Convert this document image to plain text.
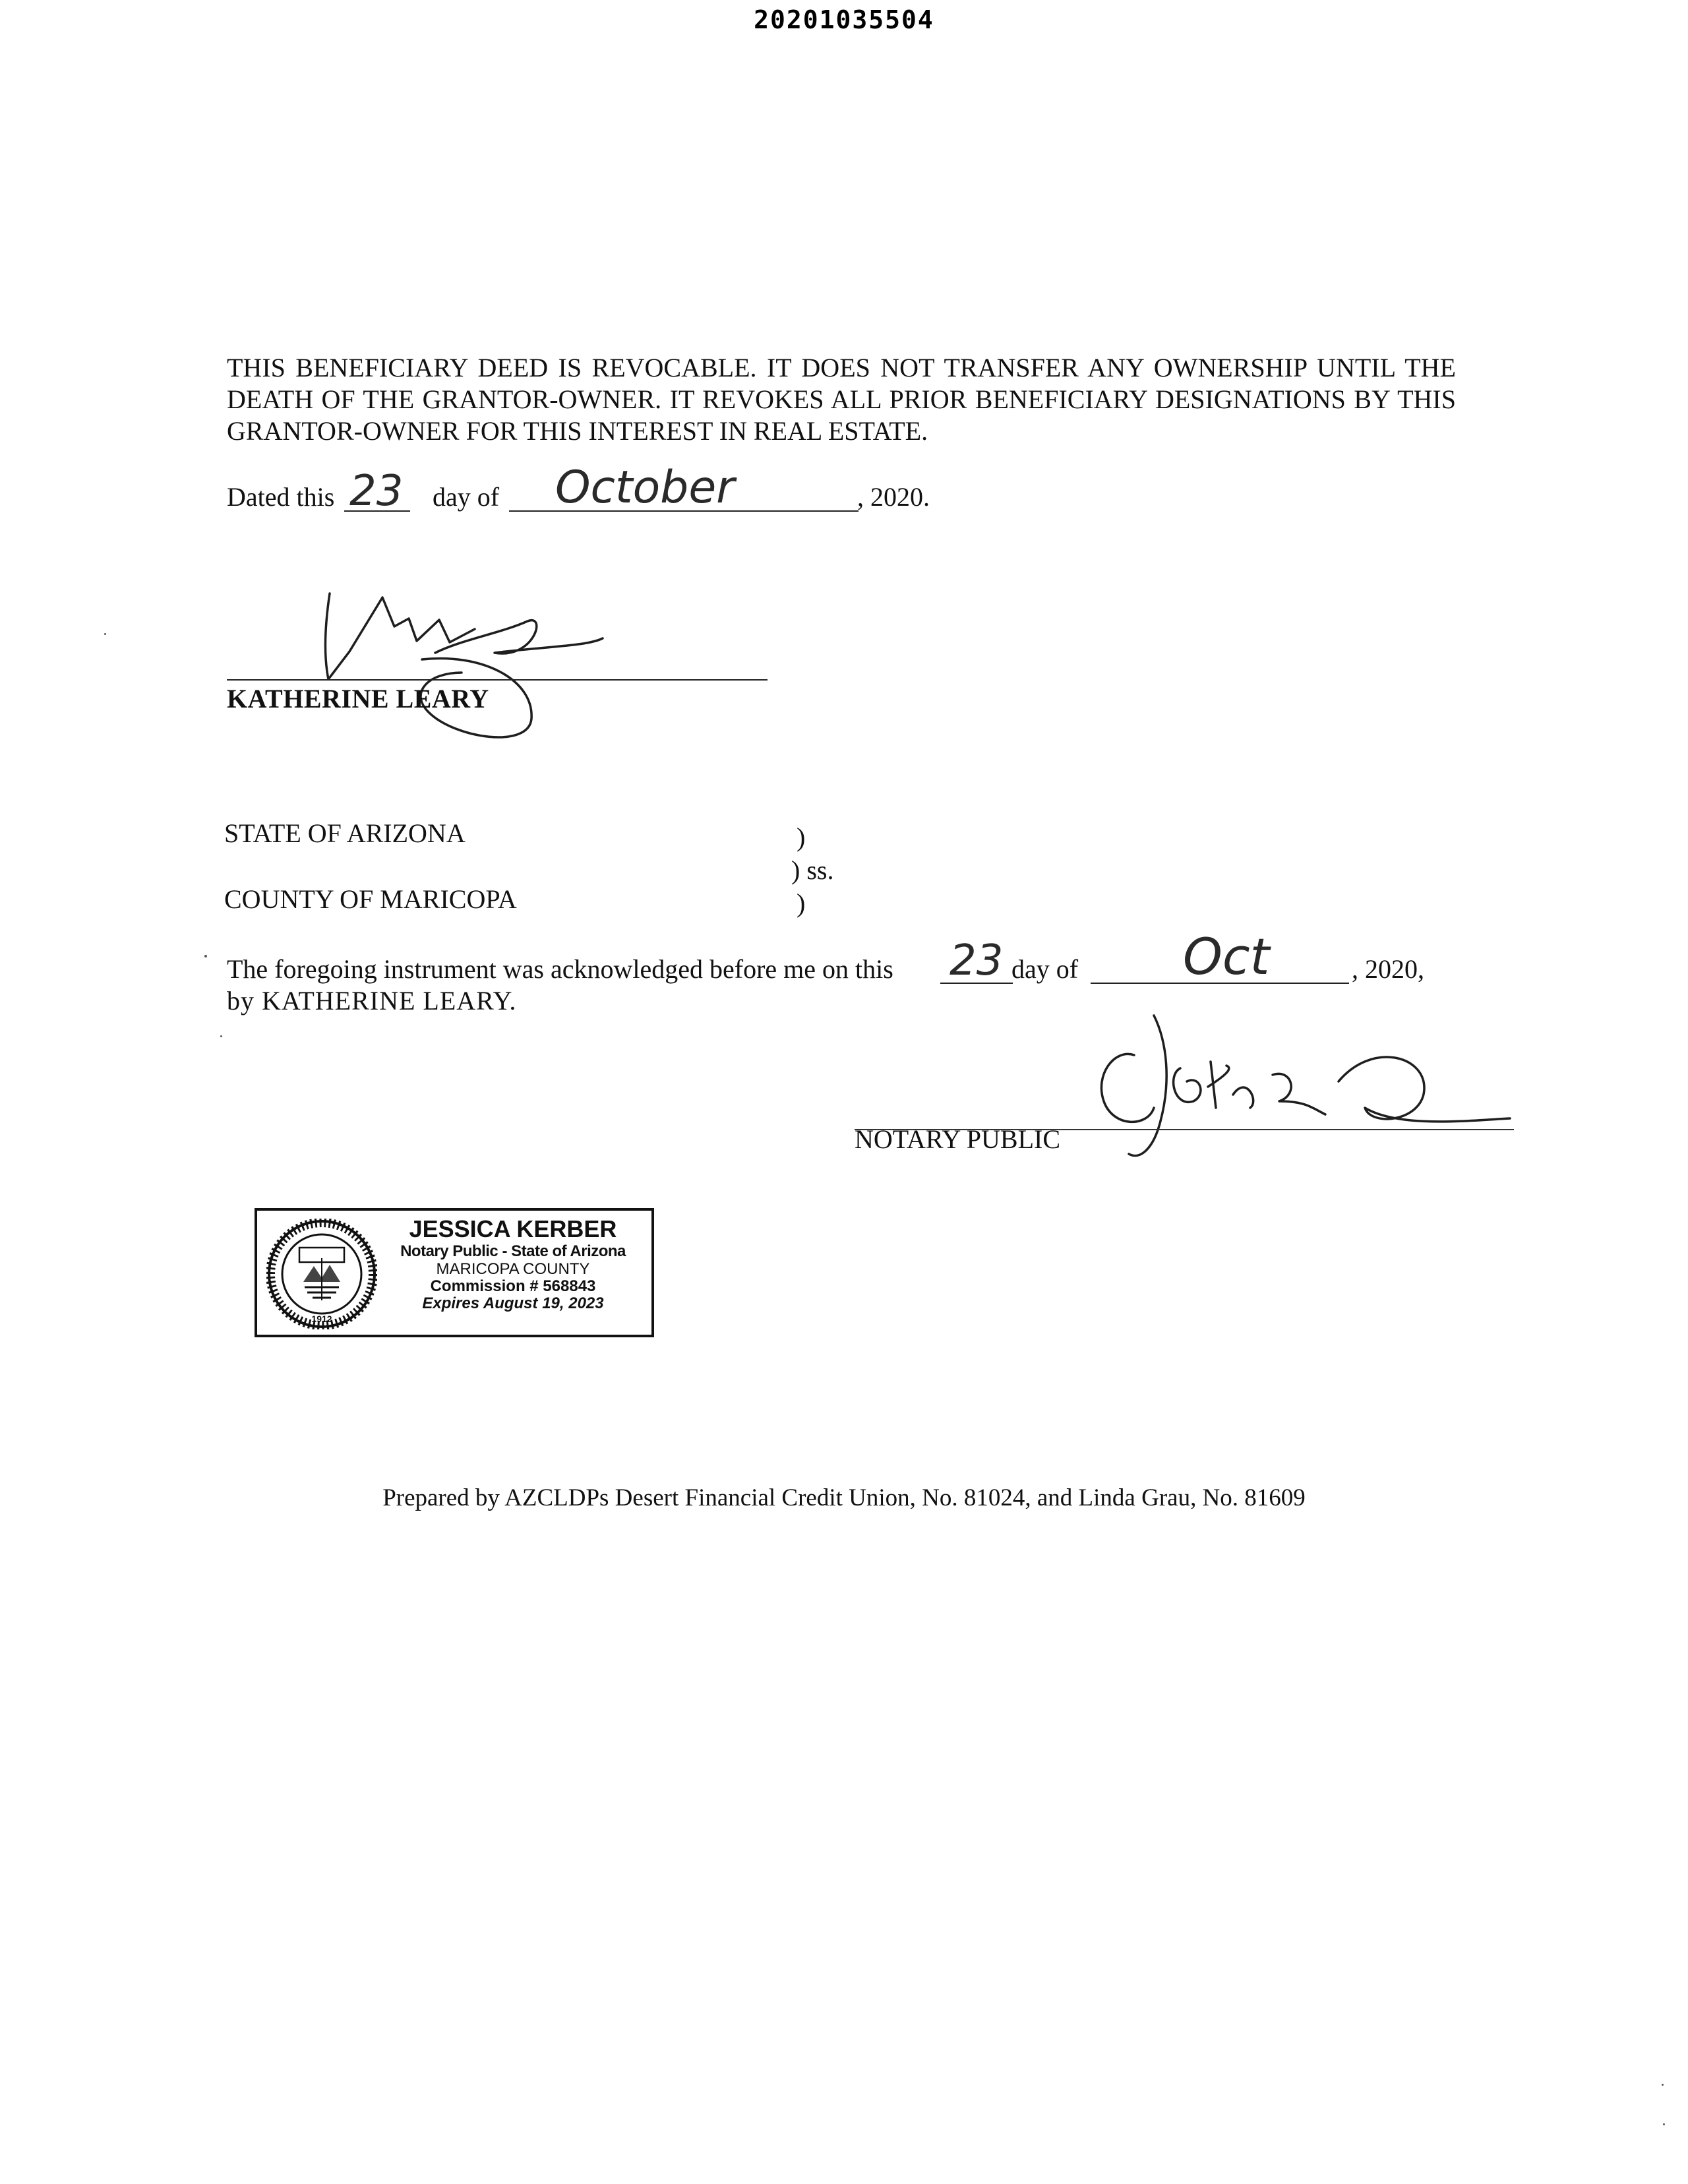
20201035504
THIS BENEFICIARY DEED IS REVOCABLE. IT DOES NOT TRANSFER ANY OWNERSHIP UNTIL THE DEATH OF THE GRANTOR-OWNER. IT REVOKES ALL PRIOR BENEFICIARY DESIGNATIONS BY THIS GRANTOR-OWNER FOR THIS INTEREST IN REAL ESTATE.
Dated this 23 day of October	, 2020.
KATHERINE LEARY
STATE OF ARIZONA
COUNTY OF MARICOPA
)
) ss.
)
The foregoing instrument was acknowledged before me on this 23 day of Oct	, 2020,
by KATHERINE LEARY.
NOTARY PUBLIC
1912
JESSICA KERBER
Notary Public - State of Arizona
MARICOPA COUNTY
Commission # 568843
Expires August 19, 2023
Prepared by AZCLDPs Desert Financial Credit Union, No. 81024, and Linda Grau, No. 81609
